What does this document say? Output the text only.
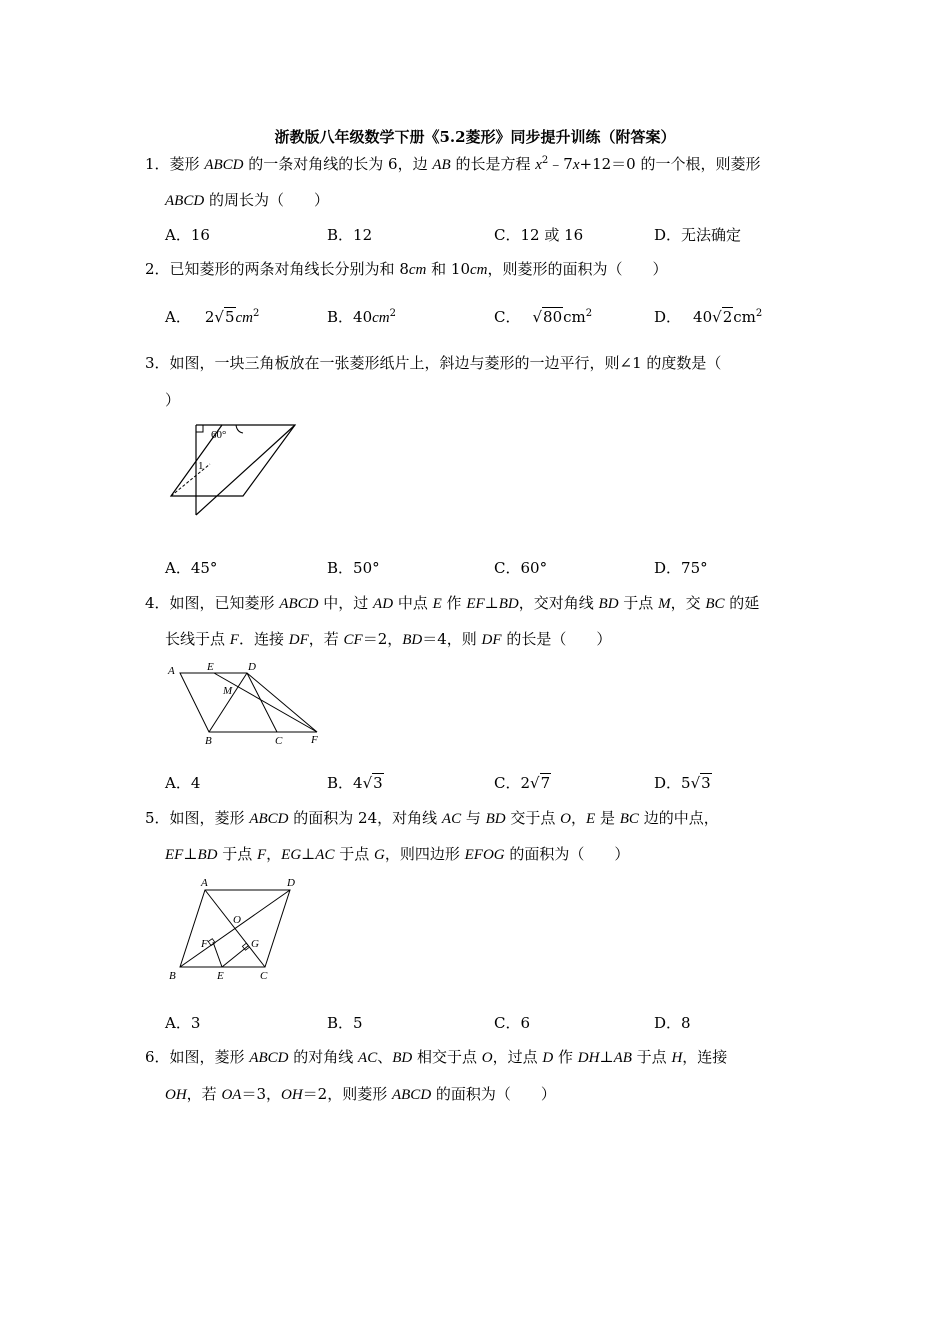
浙教版八年级数学下册《5.2菱形》同步提升训练（附答案）
1．菱形 ABCD 的一条对角线的长为 6，边 AB 的长是方程 $x^2﹣7x+12=0$ 的一个根，则菱形
ABCD 的周长为（　　）
A．16	B．12	C．12 或 16	D．无法确定
2．已知菱形的两条对角线长分别为和 8cm 和 10cm，则菱形的面积为（　　）
A． $2√5cm^2$	B．$40cm^2$	C． $√80cm^2$	D． $40√2cm^2$
3．如图，一块三角板放在一张菱形纸片上，斜边与菱形的一边平行，则∠1 的度数是（
）
60°
1
A．45°	B．50°	C．60°	D．75°
4．如图，已知菱形 ABCD 中，过 AD 中点 E 作 EF⊥BD，交对角线 BD 于点 M，交 BC 的延
长线于点 F．连接 DF，若 CF＝2，BD＝4，则 DF 的长是（　　）
A	E	D
M
B	C	F
A．4	B．4√3	C．2√7	D．5√3
5．如图，菱形 ABCD 的面积为 24，对角线 AC 与 BD 交于点 O，E 是 BC 边的中点，
EF⊥BD 于点 F，EG⊥AC 于点 G，则四边形 EFOG 的面积为（　　）
A	D
O
F	G
B	E	C
A．3	B．5	C．6	D．8
6．如图，菱形 ABCD 的对角线 AC、BD 相交于点 O，过点 D 作 DH⊥AB 于点 H，连接
OH，若 OA＝3，OH＝2，则菱形 ABCD 的面积为（　　）
